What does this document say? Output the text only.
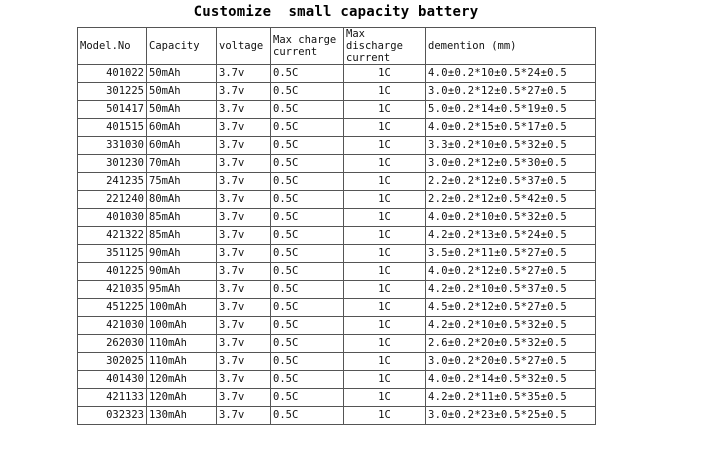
Customize  small capacity battery
Model.No	Capacity	voltage	Max charge current	Max discharge current	demention (mm)
401022	50mAh	3.7v	0.5C	1C	4.0±0.2*10±0.5*24±0.5
301225	50mAh	3.7v	0.5C	1C	3.0±0.2*12±0.5*27±0.5
501417	50mAh	3.7v	0.5C	1C	5.0±0.2*14±0.5*19±0.5
401515	60mAh	3.7v	0.5C	1C	4.0±0.2*15±0.5*17±0.5
331030	60mAh	3.7v	0.5C	1C	3.3±0.2*10±0.5*32±0.5
301230	70mAh	3.7v	0.5C	1C	3.0±0.2*12±0.5*30±0.5
241235	75mAh	3.7v	0.5C	1C	2.2±0.2*12±0.5*37±0.5
221240	80mAh	3.7v	0.5C	1C	2.2±0.2*12±0.5*42±0.5
401030	85mAh	3.7v	0.5C	1C	4.0±0.2*10±0.5*32±0.5
421322	85mAh	3.7v	0.5C	1C	4.2±0.2*13±0.5*24±0.5
351125	90mAh	3.7v	0.5C	1C	3.5±0.2*11±0.5*27±0.5
401225	90mAh	3.7v	0.5C	1C	4.0±0.2*12±0.5*27±0.5
421035	95mAh	3.7v	0.5C	1C	4.2±0.2*10±0.5*37±0.5
451225	100mAh	3.7v	0.5C	1C	4.5±0.2*12±0.5*27±0.5
421030	100mAh	3.7v	0.5C	1C	4.2±0.2*10±0.5*32±0.5
262030	110mAh	3.7v	0.5C	1C	2.6±0.2*20±0.5*32±0.5
302025	110mAh	3.7v	0.5C	1C	3.0±0.2*20±0.5*27±0.5
401430	120mAh	3.7v	0.5C	1C	4.0±0.2*14±0.5*32±0.5
421133	120mAh	3.7v	0.5C	1C	4.2±0.2*11±0.5*35±0.5
032323	130mAh	3.7v	0.5C	1C	3.0±0.2*23±0.5*25±0.5
